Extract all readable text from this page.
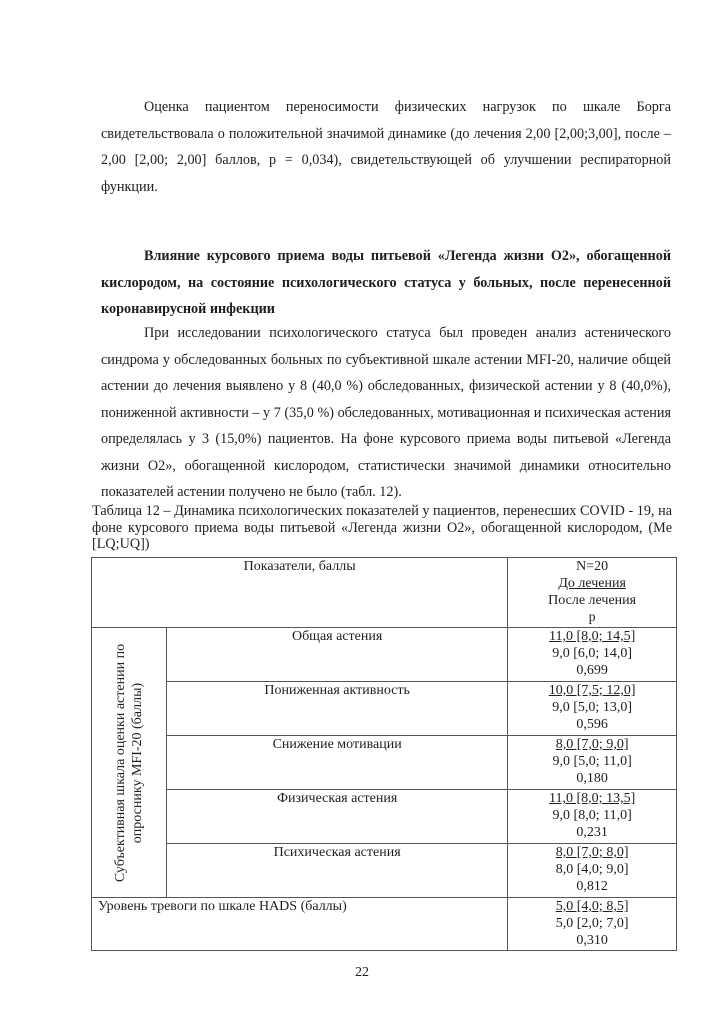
Оценка пациентом переносимости физических нагрузок по шкале Борга свидетельствовала о положительной значимой динамике (до лечения 2,00 [2,00;3,00], после – 2,00 [2,00; 2,00] баллов, p = 0,034), свидетельствующей об улучшении респираторной функции.
Влияние курсового приема воды питьевой «Легенда жизни О2», обогащенной кислородом, на состояние психологического статуса у больных, после перенесенной коронавирусной инфекции
При исследовании психологического статуса был проведен анализ астенического синдрома у обследованных больных по субъективной шкале астении MFI-20, наличие общей астении до лечения выявлено у 8 (40,0 %) обследованных, физической астении у 8 (40,0%), пониженной активности – у 7 (35,0 %) обследованных, мотивационная и психическая астения определялась у 3 (15,0%) пациентов. На фоне курсового приема воды питьевой «Легенда жизни О2», обогащенной кислородом, статистически значимой динамики относительно показателей астении получено не было (табл. 12).
Таблица 12 – Динамика психологических показателей у пациентов, перенесших COVID - 19, на фоне курсового приема воды питьевой «Легенда жизни О2», обогащенной кислородом, (Me [LQ;UQ])
Показатели, баллы		N=20
До лечения
После лечения
p

Субъективная шкала оценки астении по опроснику MFI-20 (баллы)	Общая астения	11,0 [8,0; 14,5]
9,0 [6,0; 14,0]
0,699

	Пониженная активность	10,0 [7,5; 12,0]
9,0 [5,0; 13,0]
0,596

	Снижение мотивации	8,0 [7,0; 9,0]
9,0 [5,0; 11,0]
0,180

	Физическая астения	11,0 [8,0; 13,5]
9,0 [8,0; 11,0]
0,231

	Психическая астения	8,0 [7,0; 8,0]
8,0 [4,0; 9,0]
0,812

Уровень тревоги по шкале HADS (баллы)		5,0 [4,0; 8,5]
5,0 [2,0; 7,0]
0,310
22
